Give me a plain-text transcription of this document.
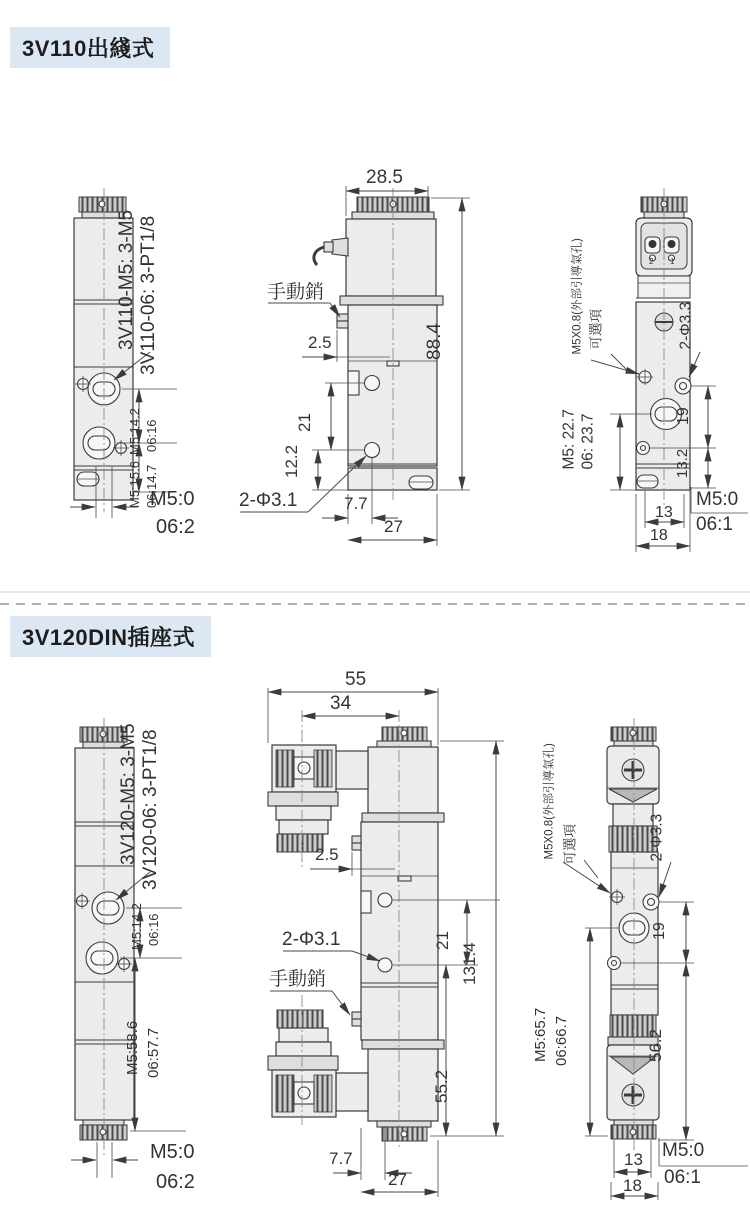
3V110出綫式
3V120DIN插座式
3V110-M5: 3-M5 3V110-06: 3-PT1/8
M5:14.2 06:16
M5:15.6 06:14.7
M5:0
06:2
28.5
手動銷
2.5	88.4
21
12.2
2-Φ3.1	7.7
27
M5X0.8(外部引導氣孔) 可選項	2-Φ3.3
M5: 22.7 06: 23.7	19
13.2
M5:0
06:1
13
18
2 1
3V120-M5: 3-M5 3V120-06: 3-PT1/8
M5:14.2 06:16
M5:58.6 06:57.7
M5:0
06:2
55
34
2.5
2-Φ3.1
手動銷
21
131.4
55.2
7.7
27
M5X0.8(外部引導氣孔) 可選項	2-Φ3.3
19
M5:65.7 06:66.7	56.2
M5:0
06:1
13
18
